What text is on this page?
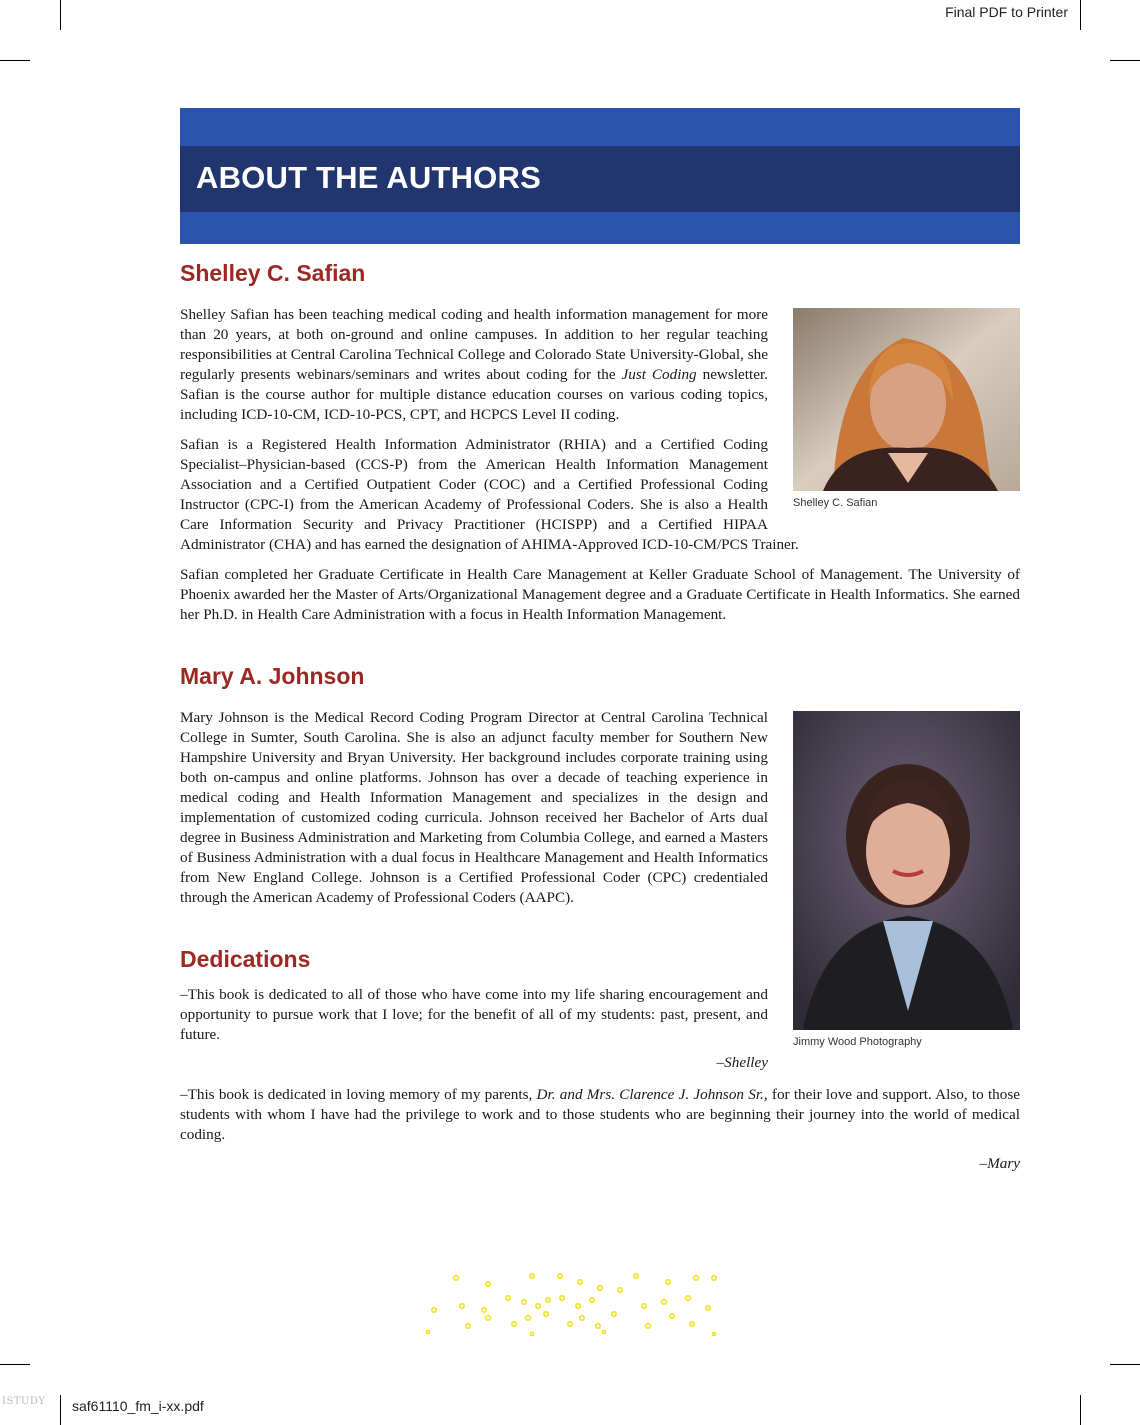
Final PDF to Printer
ABOUT THE AUTHORS
Shelley C. Safian
Shelley C. Safian

Shelley Safian has been teaching medical coding and health information management for more than 20 years, at both on-ground and online campuses. In addition to her regular teaching responsibilities at Central Carolina Technical College and Colorado State University-Global, she regularly presents webinars/seminars and writes about coding for the Just Coding newsletter. Safian is the course author for multiple distance education courses on various coding topics, including ICD-10-CM, ICD-10-PCS, CPT, and HCPCS Level II coding.

Safian is a Registered Health Information Administrator (RHIA) and a Certified Coding Specialist–Physician-based (CCS-P) from the American Health Information Management Association and a Certified Outpatient Coder (COC) and a Certified Professional Coding Instructor (CPC-I) from the American Academy of Professional Coders. She is also a Health Care Information Security and Privacy Practitioner (HCISPP) and a Certified HIPAA Administrator (CHA) and has earned the designation of AHIMA-Approved ICD-10-CM/PCS Trainer.

Safian completed her Graduate Certificate in Health Care Management at Keller Graduate School of Management. The University of Phoenix awarded her the Master of Arts/Organizational Management degree and a Graduate Certificate in Health Informatics. She earned her Ph.D. in Health Care Administration with a focus in Health Information Management.

Mary A. Johnson
Jimmy Wood Photography

Mary Johnson is the Medical Record Coding Program Director at Central Carolina Technical College in Sumter, South Carolina. She is also an adjunct faculty member for Southern New Hampshire University and Bryan University. Her background includes corporate training using both on-campus and online platforms. Johnson has over a decade of teaching experience in medical coding and Health Information Management and specializes in the design and implementation of customized coding curricula. Johnson received her Bachelor of Arts dual degree in Business Administration and Marketing from Columbia College, and earned a Masters of Business Administration with a dual focus in Healthcare Management and Health Informatics from New England College. Johnson is a Certified Professional Coder (CPC) credentialed through the American Academy of Professional Coders (AAPC).

Dedications

–This book is dedicated to all of those who have come into my life sharing encouragement and opportunity to pursue work that I love; for the benefit of all of my students: past, present, and future.

–Shelley

–This book is dedicated in loving memory of my parents, Dr. and Mrs. Clarence J. Johnson Sr., for their love and support. Also, to those students with whom I have had the privilege to work and to those students who are beginning their journey into the world of medical coding.

–Mary
saf61110_fm_i-xx.pdf
ISTUDY
